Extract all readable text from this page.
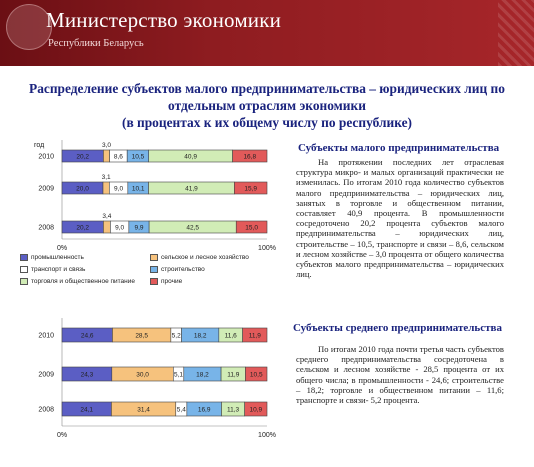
Министерство экономики
Республики Беларусь
Распределение субъектов малого предпринимательства – юридических лиц по
отдельным отраслям экономики
(в процентах к их общему числу по республике)
год
2010	20,2
3,0
8,6 10,5	40,9	16,8
2009	20,0
3,1
9,0 10,1	41,9	15,9
2008	20,2
3,4
9,0 9,9	42,5	15,0
0%	100%
промышленность	сельское и лесное хозяйство
транспорт и связь	строительство
торговля и общественное питание	прочие
2010	24,6	28,5	5,2 18,2	11,6 11,9
2009	24,3	30,0	5,1 18,2	11,9 10,5
2008	24,1	31,4	5,4 16,9	11,3 10,9
0%	100%
Субъекты малого предпринимательства
На протяжении последних лет отраслевая структура микро- и малых организаций практически не изменилась. По итогам 2010 года количество субъектов малого предпринимательства – юридических лиц, занятых в торговле и общественном питании, составляет 40,9 процента. В промышленности сосредоточено 20,2 процента субъектов малого предпринимательства – юридических лиц, строительстве – 10,5, транспорте и связи – 8,6, сельском и лесном хозяйстве – 3,0 процента от общего количества субъектов малого предпринимательства – юридических лиц.
Субъекты среднего предпринимательства
По итогам 2010 года почти третья часть субъектов среднего предпринимательства сосредоточена в сельском и лесном хозяйстве - 28,5 процента от их общего числа; в промышленности - 24,6; строительстве – 18,2; торговле и общественном питании – 11,6; транспорте и связи- 5,2 процента.
